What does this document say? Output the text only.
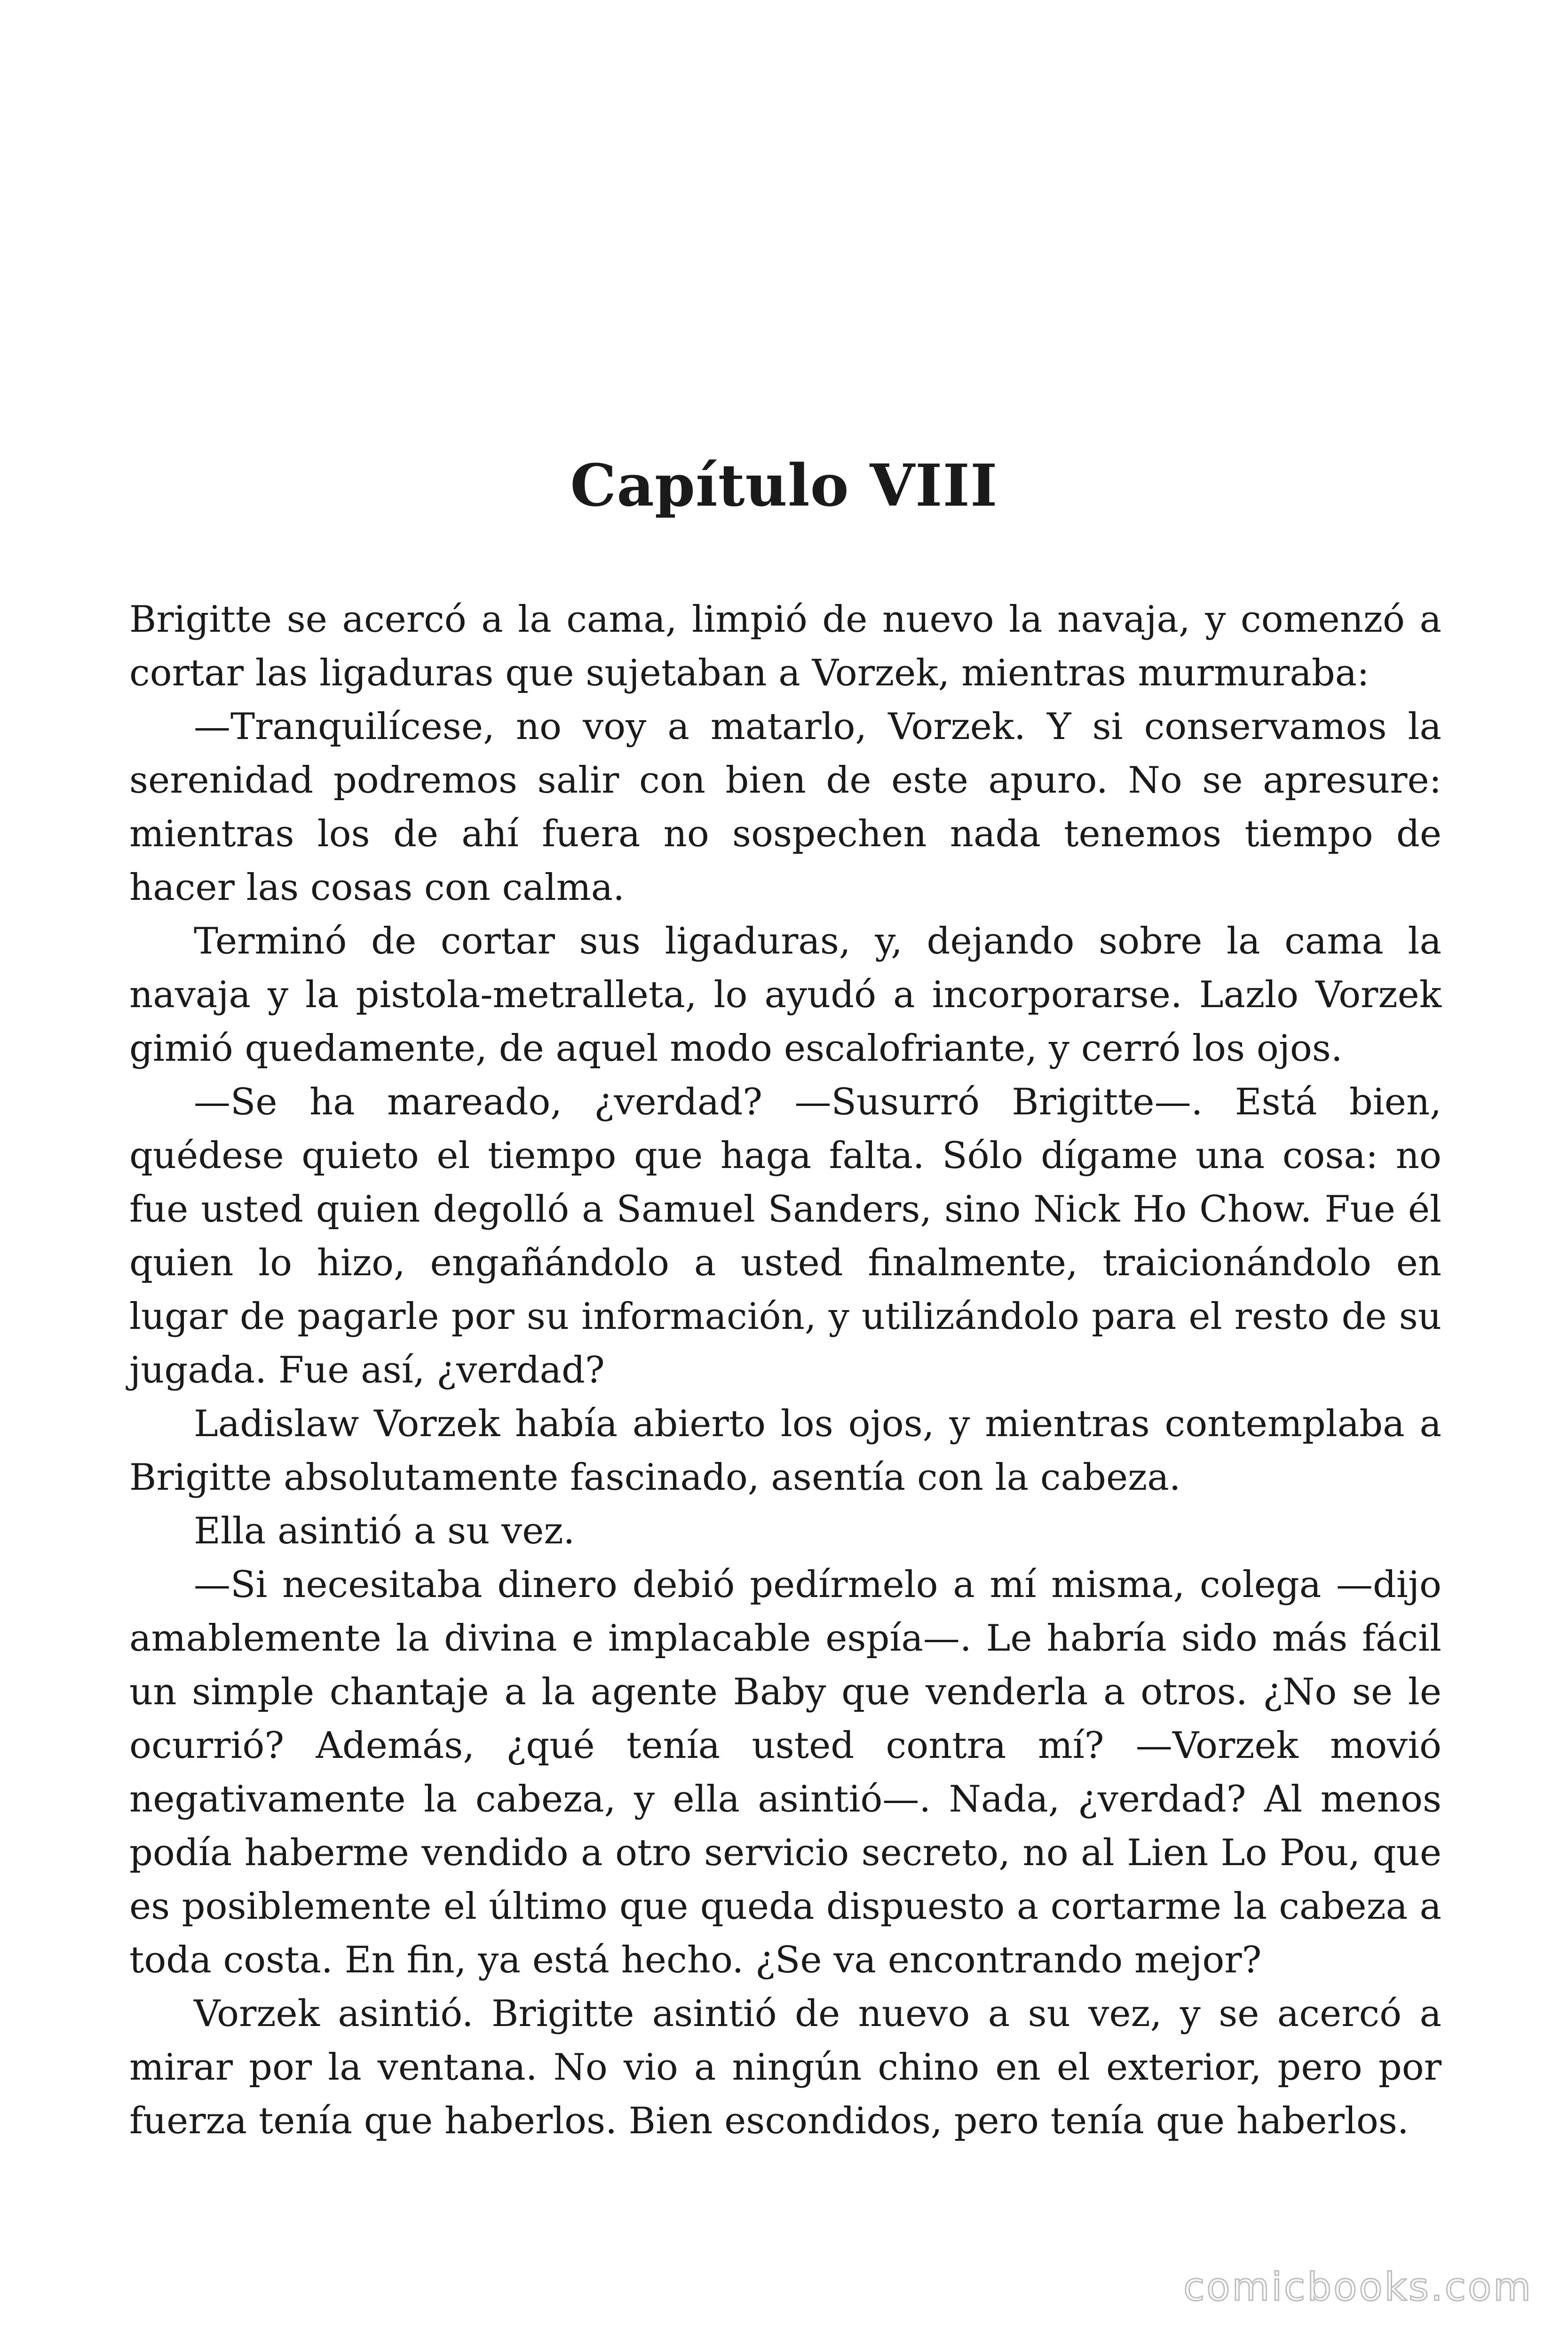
Capítulo VIII

Brigitte se acercó a la cama, limpió de nuevo la navaja, y comenzó a cortar las ligaduras que sujetaban a Vorzek, mientras murmuraba:

—Tranquilícese, no voy a matarlo, Vorzek. Y si conservamos la serenidad podremos salir con bien de este apuro. No se apresure: mientras los de ahí fuera no sospechen nada tenemos tiempo de hacer las cosas con calma.

Terminó de cortar sus ligaduras, y, dejando sobre la cama la navaja y la pistola-metralleta, lo ayudó a incorporarse. Lazlo Vorzek gimió quedamente, de aquel modo escalofriante, y cerró los ojos.

—Se ha mareado, ¿verdad? —Susurró Brigitte—. Está bien, quédese quieto el tiempo que haga falta. Sólo dígame una cosa: no fue usted quien degolló a Samuel Sanders, sino Nick Ho Chow. Fue él quien lo hizo, engañándolo a usted finalmente, traicionándolo en lugar de pagarle por su información, y utilizándolo para el resto de su jugada. Fue así, ¿verdad?

Ladislaw Vorzek había abierto los ojos, y mientras contemplaba a Brigitte absolutamente fascinado, asentía con la cabeza.

Ella asintió a su vez.

—Si necesitaba dinero debió pedírmelo a mí misma, colega —dijo amablemente la divina e implacable espía—. Le habría sido más fácil un simple chantaje a la agente Baby que venderla a otros. ¿No se le ocurrió? Además, ¿qué tenía usted contra mí? —Vorzek movió negativamente la cabeza, y ella asintió—. Nada, ¿verdad? Al menos podía haberme vendido a otro servicio secreto, no al Lien Lo Pou, que es posiblemente el último que queda dispuesto a cortarme la cabeza a toda costa. En fin, ya está hecho. ¿Se va encontrando mejor?

Vorzek asintió. Brigitte asintió de nuevo a su vez, y se acercó a mirar por la ventana. No vio a ningún chino en el exterior, pero por fuerza tenía que haberlos. Bien escondidos, pero tenía que haberlos.

comicbooks.com
